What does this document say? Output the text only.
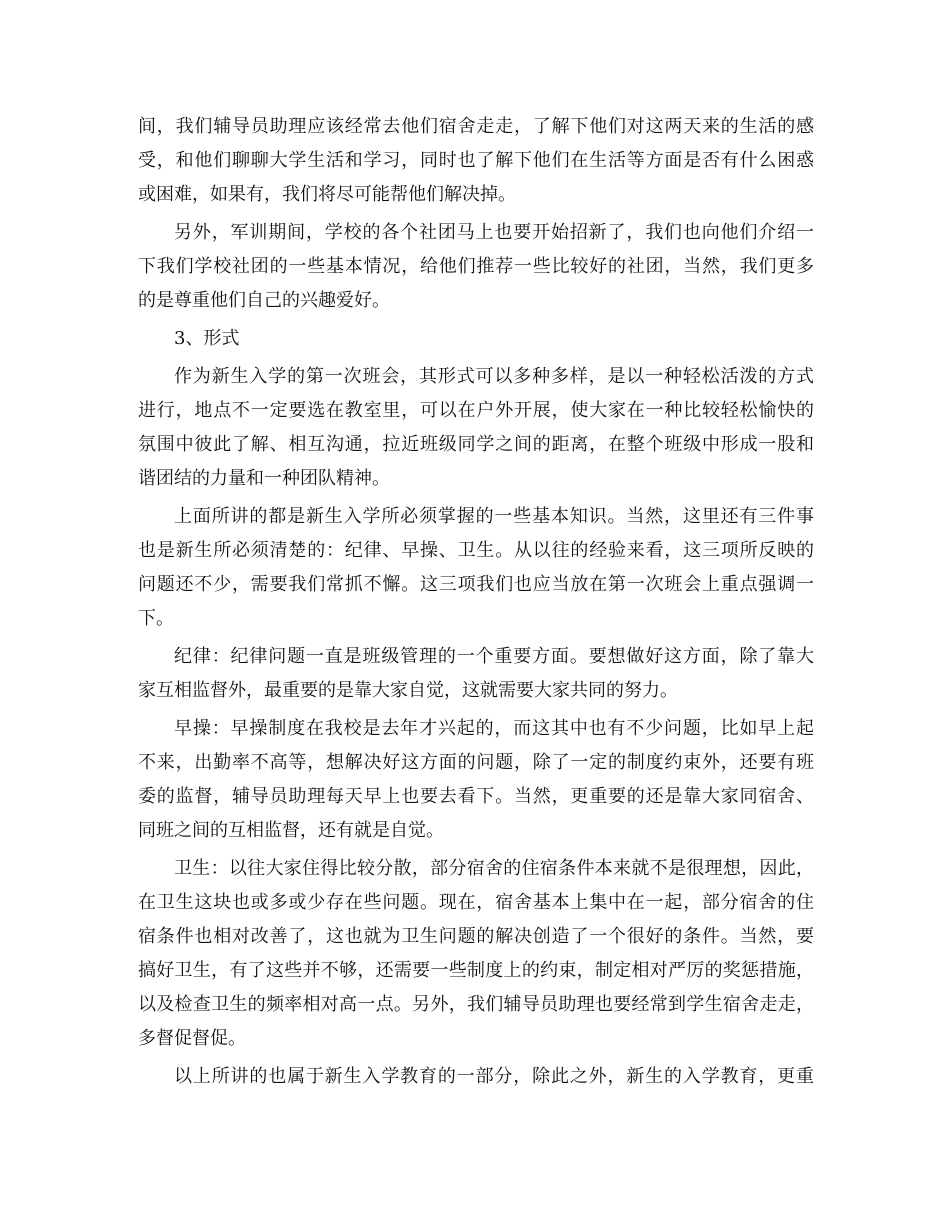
间，我们辅导员助理应该经常去他们宿舍走走，了解下他们对这两天来的生活的感
受，和他们聊聊大学生活和学习，同时也了解下他们在生活等方面是否有什么困惑
或困难，如果有，我们将尽可能帮他们解决掉。
另外，军训期间，学校的各个社团马上也要开始招新了，我们也向他们介绍一
下我们学校社团的一些基本情况，给他们推荐一些比较好的社团，当然，我们更多
的是尊重他们自己的兴趣爱好。
3、形式
作为新生入学的第一次班会，其形式可以多种多样，是以一种轻松活泼的方式
进行，地点不一定要选在教室里，可以在户外开展，使大家在一种比较轻松愉快的
氛围中彼此了解、相互沟通，拉近班级同学之间的距离，在整个班级中形成一股和
谐团结的力量和一种团队精神。
上面所讲的都是新生入学所必须掌握的一些基本知识。当然，这里还有三件事
也是新生所必须清楚的：纪律、早操、卫生。从以往的经验来看，这三项所反映的
问题还不少，需要我们常抓不懈。这三项我们也应当放在第一次班会上重点强调一
下。
纪律：纪律问题一直是班级管理的一个重要方面。要想做好这方面，除了靠大
家互相监督外，最重要的是靠大家自觉，这就需要大家共同的努力。
早操：早操制度在我校是去年才兴起的，而这其中也有不少问题，比如早上起
不来，出勤率不高等，想解决好这方面的问题，除了一定的制度约束外，还要有班
委的监督，辅导员助理每天早上也要去看下。当然，更重要的还是靠大家同宿舍、
同班之间的互相监督，还有就是自觉。
卫生：以往大家住得比较分散，部分宿舍的住宿条件本来就不是很理想，因此，
在卫生这块也或多或少存在些问题。现在，宿舍基本上集中在一起，部分宿舍的住
宿条件也相对改善了，这也就为卫生问题的解决创造了一个很好的条件。当然，要
搞好卫生，有了这些并不够，还需要一些制度上的约束，制定相对严厉的奖惩措施，
以及检查卫生的频率相对高一点。另外，我们辅导员助理也要经常到学生宿舍走走，
多督促督促。
以上所讲的也属于新生入学教育的一部分，除此之外，新生的入学教育，更重
